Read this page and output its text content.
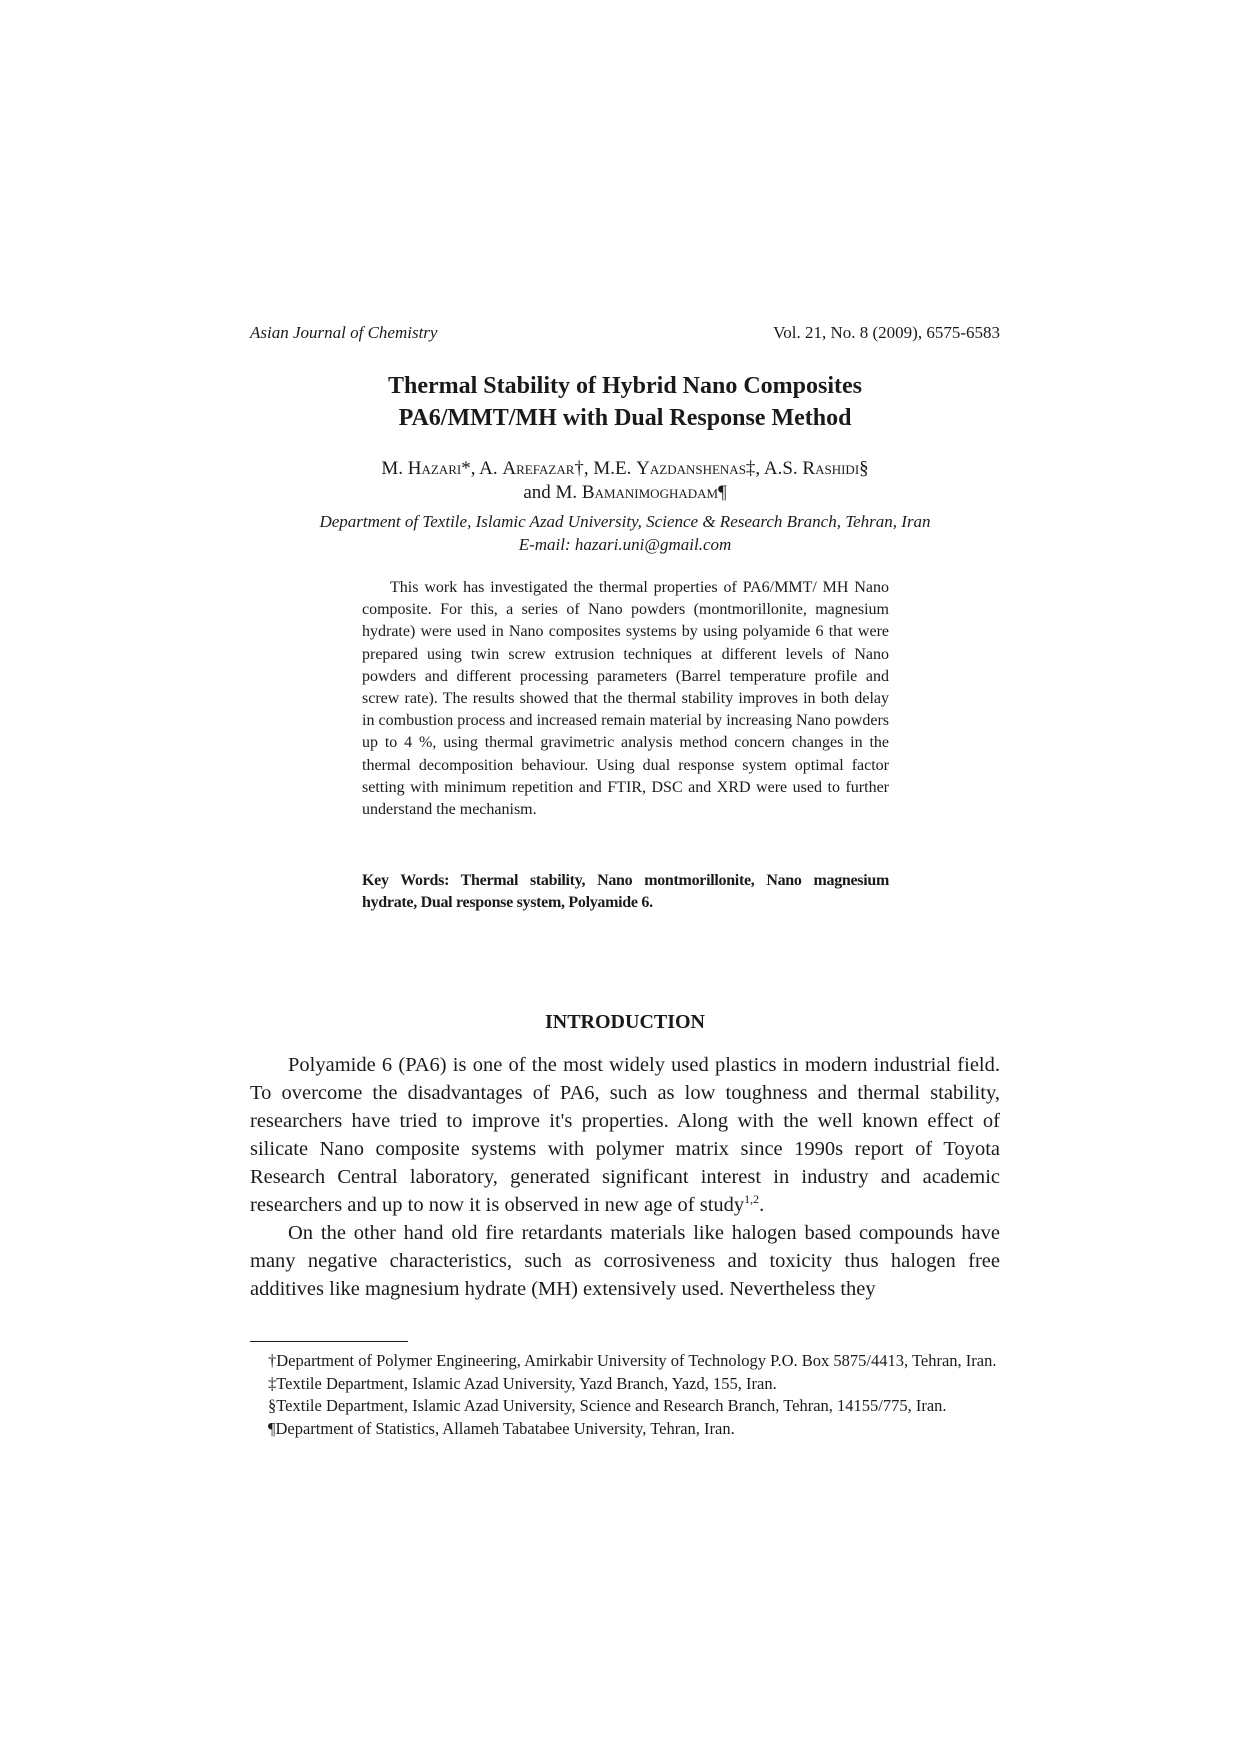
Asian Journal of Chemistry	Vol. 21, No. 8 (2009), 6575-6583
Thermal Stability of Hybrid Nano Composites
PA6/MMT/MH with Dual Response Method
M. Hazari*, A. Arefazar†, M.E. Yazdanshenas‡, A.S. Rashidi§
and M. Bamanimoghadam¶
Department of Textile, Islamic Azad University, Science & Research Branch, Tehran, Iran
E-mail: hazari.uni@gmail.com

This work has investigated the thermal properties of PA6/MMT/ MH Nano composite. For this, a series of Nano powders (montmorillonite, magnesium hydrate) were used in Nano composites systems by using polyamide 6 that were prepared using twin screw extrusion techniques at different levels of Nano powders and different processing parameters (Barrel temperature profile and screw rate). The results showed that the thermal stability improves in both delay in combustion process and increased remain material by increasing Nano powders up to 4 %, using thermal gravimetric analysis method concern changes in the thermal decomposition behaviour. Using dual response system optimal factor setting with minimum repetition and FTIR, DSC and XRD were used to further understand the mechanism.

Key Words: Thermal stability, Nano montmorillonite, Nano magnesium hydrate, Dual response system, Polyamide 6.

INTRODUCTION

Polyamide 6 (PA6) is one of the most widely used plastics in modern industrial field. To overcome the disadvantages of PA6, such as low toughness and thermal stability, researchers have tried to improve it's properties. Along with the well known effect of silicate Nano composite systems with polymer matrix since 1990s report of Toyota Research Central laboratory, generated significant interest in industry and academic researchers and up to now it is observed in new age of study$^{1,2}$.

On the other hand old fire retardants materials like halogen based compounds have many negative characteristics, such as corrosiveness and toxicity thus halogen free additives like magnesium hydrate (MH) extensively used. Nevertheless they

†Department of Polymer Engineering, Amirkabir University of Technology P.O. Box 5875/4413, Tehran, Iran.

‡Textile Department, Islamic Azad University, Yazd Branch, Yazd, 155, Iran.

§Textile Department, Islamic Azad University, Science and Research Branch, Tehran, 14155/775, Iran.

¶Department of Statistics, Allameh Tabatabee University, Tehran, Iran.
